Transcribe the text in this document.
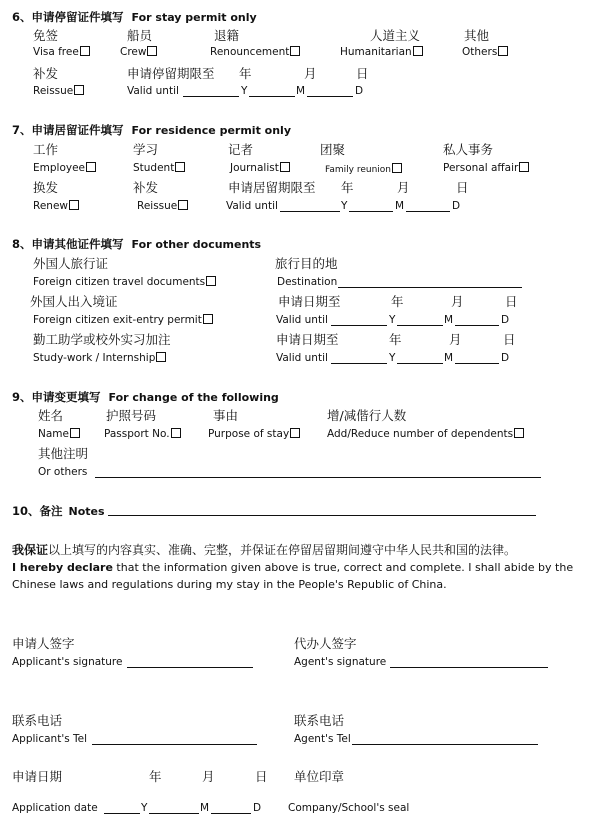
6、申请停留证件填写 For stay permit only
免签	船员	退籍	人道主义	其他
Visa free	Crew	Renouncement	Humanitarian	Others
补发	申请停留期限至 年	月	日
Reissue	Valid until	Y	M	D
7、申请居留证件填写 For residence permit only
工作	学习	记者	团聚	私人事务
Employee	Student	Journalist	Family reunion	Personal affair
换发	补发	申请居留期限至 年	月	日
Renew	Reissue	Valid until	Y	M	D
8、申请其他证件填写 For other documents
外国人旅行证	旅行目的地
Foreign citizen travel documents	Destination
外国人出入境证	申请日期至	年	月	日
Foreign citizen exit-entry permit	Valid until	Y	M	D
勤工助学或校外实习加注	申请日期至	年	月	日
Study-work / Internship	Valid until	Y	M	D
9、申请变更填写 For change of the following
姓名	护照号码	事由	增/减偕行人数
Name	Passport No.	Purpose of stay	Add/Reduce number of dependents
其他注明
Or others
10、备注 Notes
我保证以上填写的内容真实、准确、完整，并保证在停留居留期间遵守中华人民共和国的法律。
I hereby declare that the information given above is true, correct and complete. I shall abide by the
Chinese laws and regulations during my stay in the People's Republic of China.
申请人签字
Applicant's signature
代办人签字
Agent's signature
联系电话
Applicant's Tel
联系电话
Agent's Tel
申请日期	年	月	日 单位印章
Application date	Y	M	D	Company/School's seal
